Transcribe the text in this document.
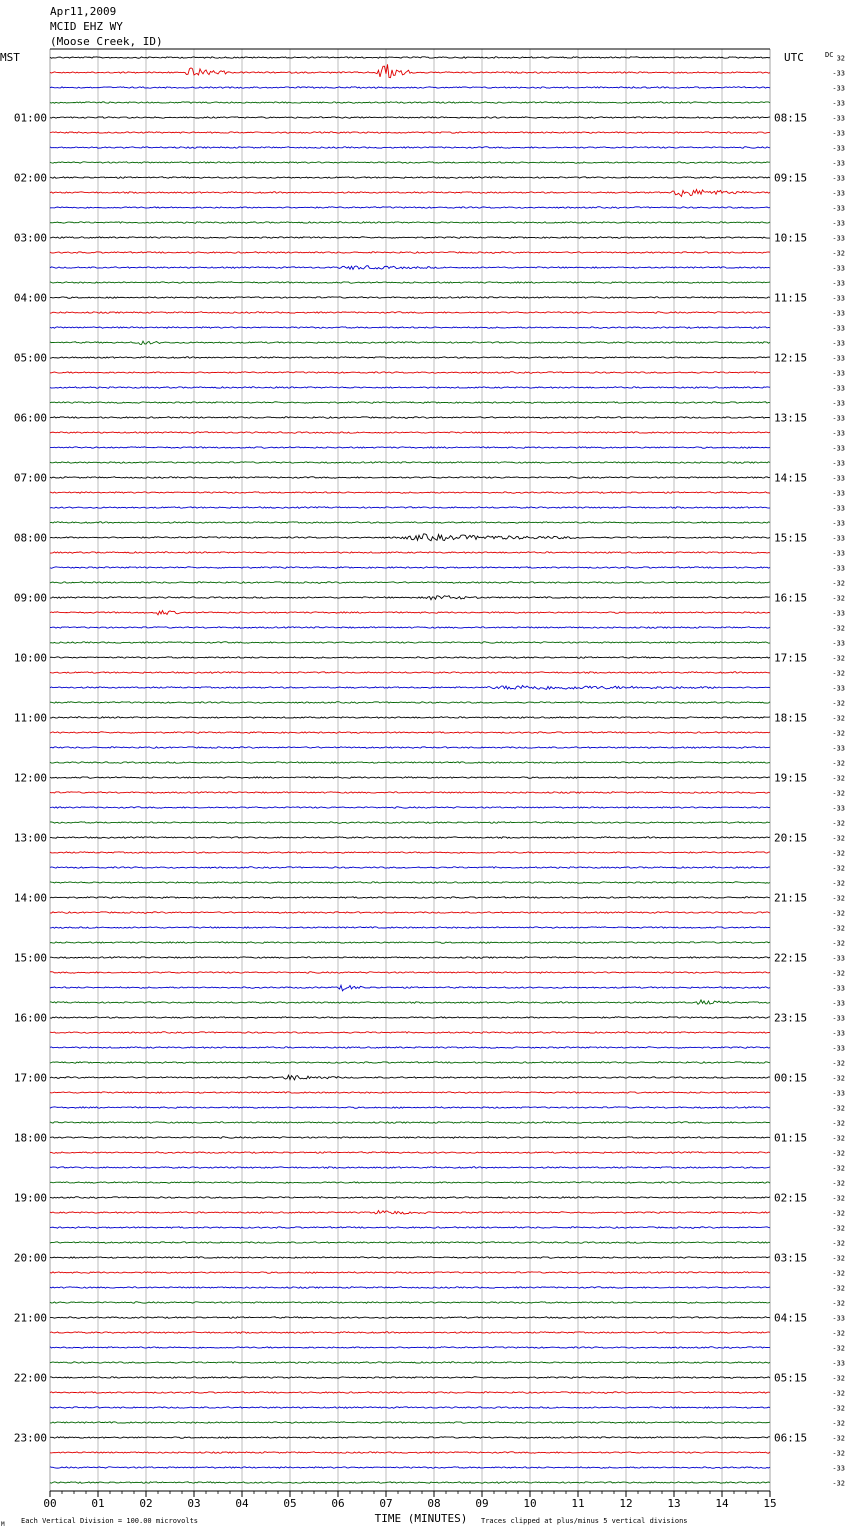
Apr11,2009
MCID EHZ WY
(Moose Creek, ID)
01:00
02:00
03:00
04:00
05:00
06:00
07:00
08:00
09:00
10:00
11:00
12:00
13:00
14:00
15:00
16:00
17:00
18:00
19:00
20:00
21:00
22:00
23:00
08:15
09:15
10:15
11:15
12:15
13:15
14:15
15:15
16:15
17:15
18:15
19:15
20:15
21:15
22:15
23:15
00:15
01:15
02:15
03:15
04:15
05:15
06:15
32
-33
-33
-33
-33
-33
-33
-33
-33
-33
-33
-33
-33
-32
-33
-33
-33
-33
-33
-33
-33
-33
-33
-33
-33
-33
-33
-33
-33
-33
-33
-33
-33
-33
-33
-32
-32
-33
-32
-33
-32
-32
-33
-32
-32
-32
-33
-32
-32
-32
-33
-32
-32
-32
-32
-32
-32
-32
-32
-32
-33
-32
-33
-33
-33
-33
-33
-32
-32
-33
-32
-32
-32
-32
-32
-32
-32
-32
-32
-32
-32
-32
-32
-32
-33
-32
-32
-33
-32
-32
-32
-32
-32
-32
-33
-32
00	01	02	03	04	05	06	07	08	09	10	11	12	13	14	15
MST	UTC	DC
TIME (MINUTES)
Each Vertical Division = 100.00 microvolts	Traces clipped at plus/minus 5 vertical divisions
M
